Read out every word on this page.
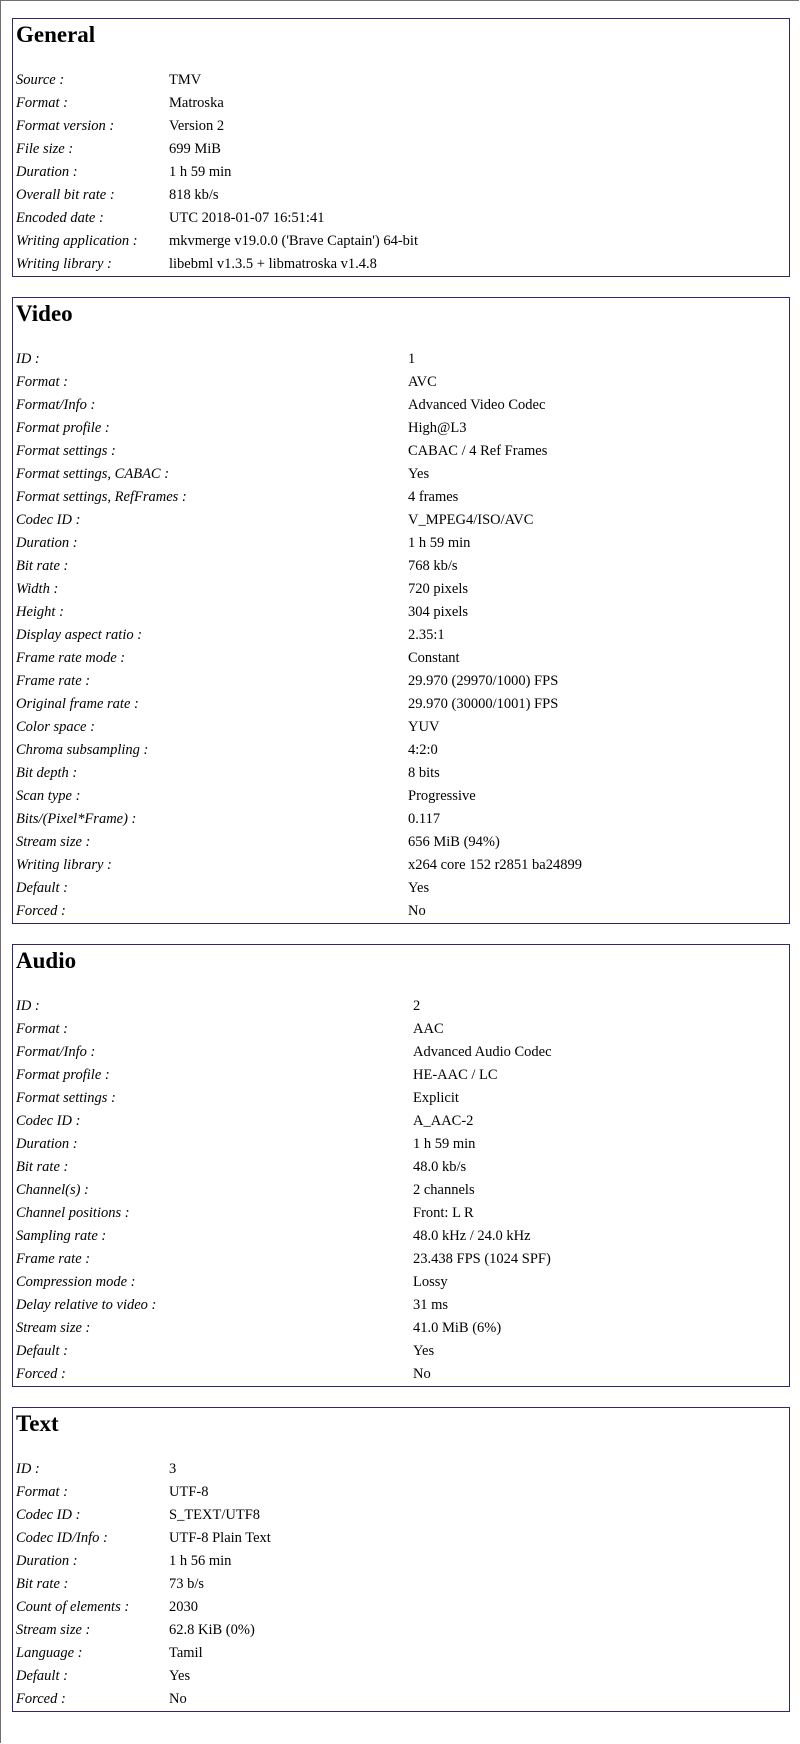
General
Source :	TMV
Format :	Matroska
Format version :	Version 2
File size :	699 MiB
Duration :	1 h 59 min
Overall bit rate :	818 kb/s
Encoded date :	UTC 2018-01-07 16:51:41
Writing application : mkvmerge v19.0.0 ('Brave Captain') 64-bit
Writing library :	libebml v1.3.5 + libmatroska v1.4.8
Video
ID :	1
Format :	AVC
Format/Info :	Advanced Video Codec
Format profile :	High@L3
Format settings :	CABAC / 4 Ref Frames
Format settings, CABAC :	Yes
Format settings, RefFrames :	4 frames
Codec ID :	V_MPEG4/ISO/AVC
Duration :	1 h 59 min
Bit rate :	768 kb/s
Width :	720 pixels
Height :	304 pixels
Display aspect ratio :	2.35:1
Frame rate mode :	Constant
Frame rate :	29.970 (29970/1000) FPS
Original frame rate :	29.970 (30000/1001) FPS
Color space :	YUV
Chroma subsampling :	4:2:0
Bit depth :	8 bits
Scan type :	Progressive
Bits/(Pixel*Frame) :	0.117
Stream size :	656 MiB (94%)
Writing library :	x264 core 152 r2851 ba24899
Default :	Yes
Forced :	No
Audio
ID :	2
Format :	AAC
Format/Info :	Advanced Audio Codec
Format profile :	HE-AAC / LC
Format settings :	Explicit
Codec ID :	A_AAC-2
Duration :	1 h 59 min
Bit rate :	48.0 kb/s
Channel(s) :	2 channels
Channel positions :	Front: L R
Sampling rate :	48.0 kHz / 24.0 kHz
Frame rate :	23.438 FPS (1024 SPF)
Compression mode :	Lossy
Delay relative to video :	31 ms
Stream size :	41.0 MiB (6%)
Default :	Yes
Forced :	No
Text
ID :	3
Format :	UTF-8
Codec ID :	S_TEXT/UTF8
Codec ID/Info :	UTF-8 Plain Text
Duration :	1 h 56 min
Bit rate :	73 b/s
Count of elements :	2030
Stream size :	62.8 KiB (0%)
Language :	Tamil
Default :	Yes
Forced :	No
